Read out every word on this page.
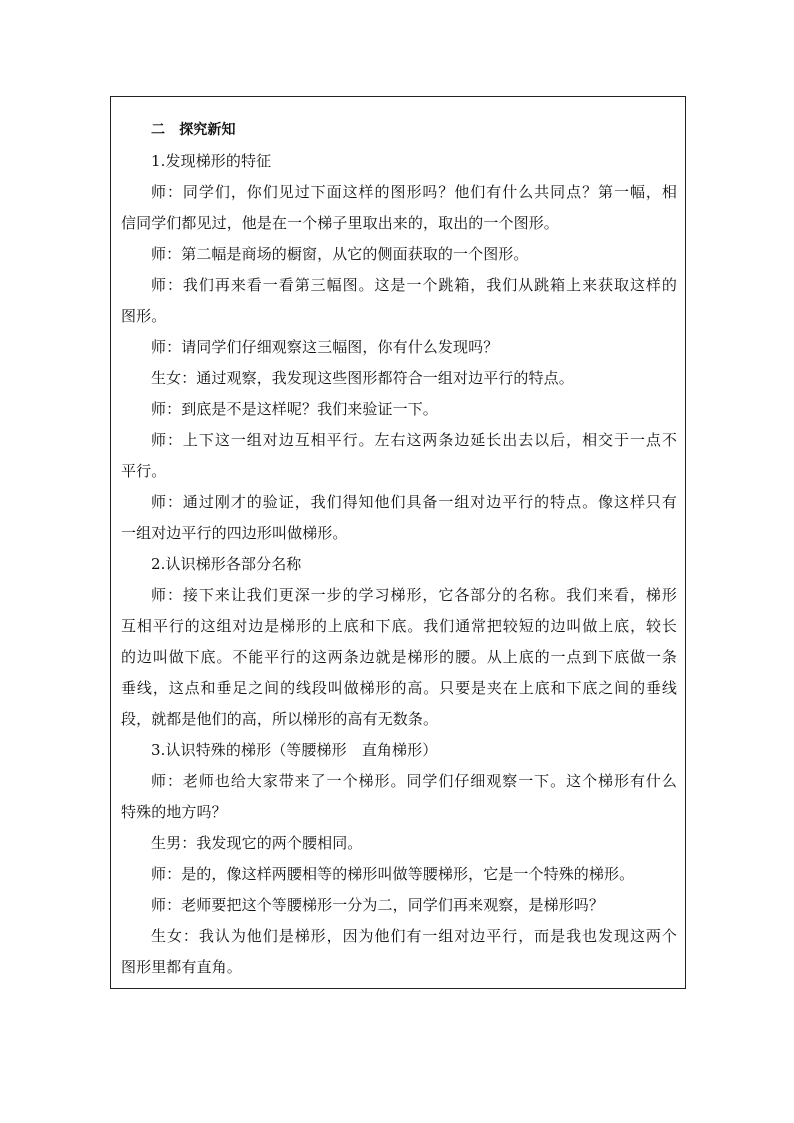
二　探究新知
1.发现梯形的特征
师：同学们，你们见过下面这样的图形吗？他们有什么共同点？第一幅，相
信同学们都见过，他是在一个梯子里取出来的，取出的一个图形。
师：第二幅是商场的橱窗，从它的侧面获取的一个图形。
师：我们再来看一看第三幅图。这是一个跳箱，我们从跳箱上来获取这样的
图形。
师：请同学们仔细观察这三幅图，你有什么发现吗？
生女：通过观察，我发现这些图形都符合一组对边平行的特点。
师：到底是不是这样呢？我们来验证一下。
师：上下这一组对边互相平行。左右这两条边延长出去以后，相交于一点不
平行。
师：通过刚才的验证，我们得知他们具备一组对边平行的特点。像这样只有
一组对边平行的四边形叫做梯形。
2.认识梯形各部分名称
师：接下来让我们更深一步的学习梯形，它各部分的名称。我们来看，梯形
互相平行的这组对边是梯形的上底和下底。我们通常把较短的边叫做上底，较长
的边叫做下底。不能平行的这两条边就是梯形的腰。从上底的一点到下底做一条
垂线，这点和垂足之间的线段叫做梯形的高。只要是夹在上底和下底之间的垂线
段，就都是他们的高，所以梯形的高有无数条。
3.认识特殊的梯形（等腰梯形　直角梯形）
师：老师也给大家带来了一个梯形。同学们仔细观察一下。这个梯形有什么
特殊的地方吗？
生男：我发现它的两个腰相同。
师：是的，像这样两腰相等的梯形叫做等腰梯形，它是一个特殊的梯形。
师：老师要把这个等腰梯形一分为二，同学们再来观察，是梯形吗？
生女：我认为他们是梯形，因为他们有一组对边平行，而是我也发现这两个
图形里都有直角。
